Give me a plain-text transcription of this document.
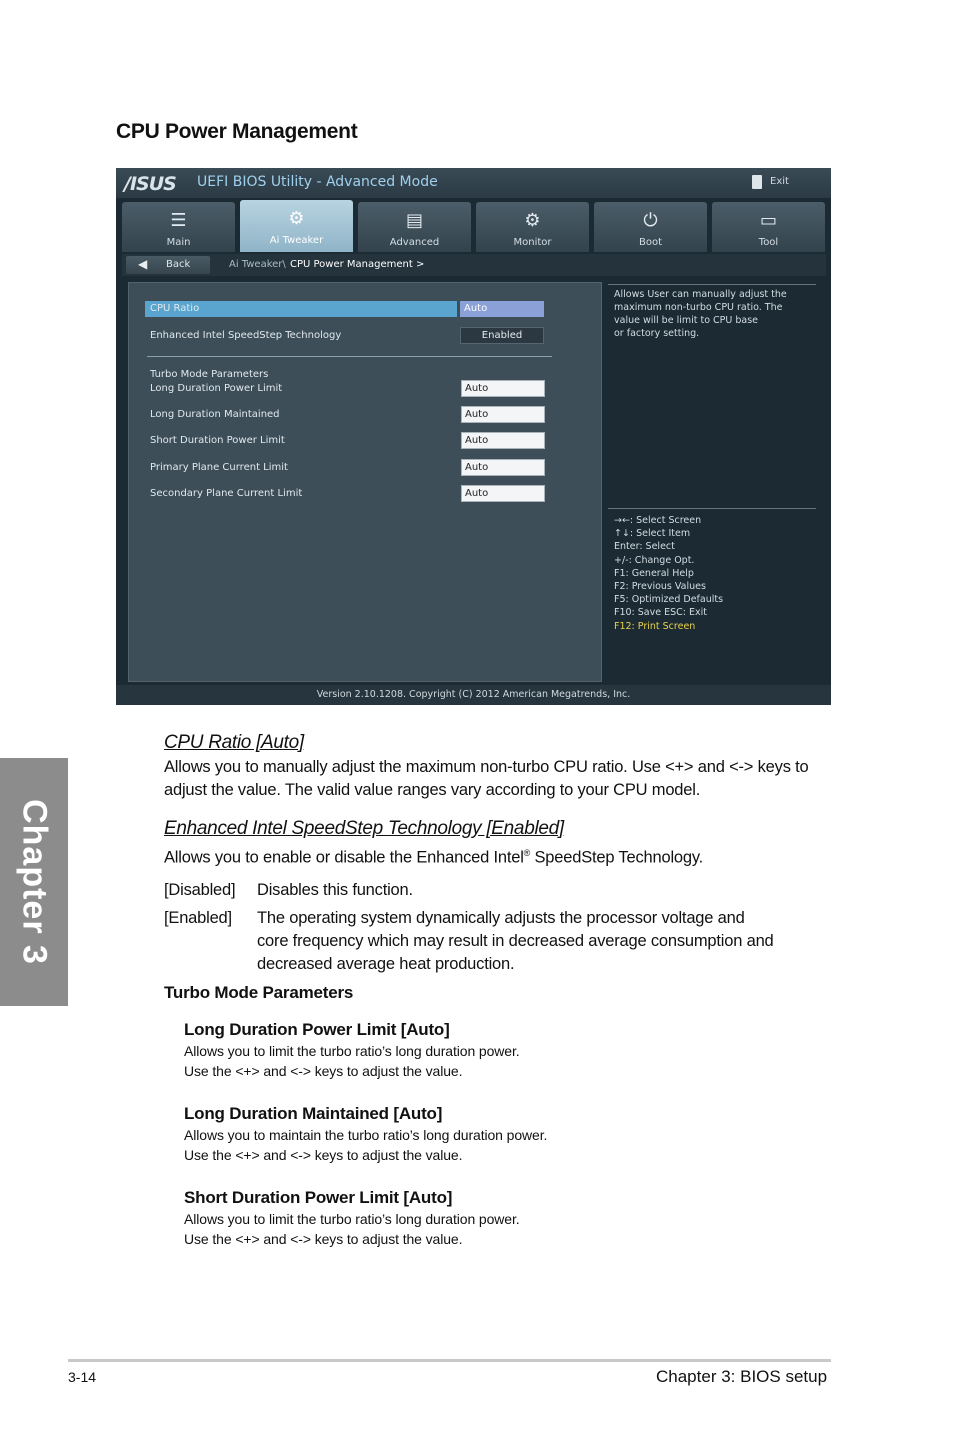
CPU Power Management
Chapter 3
/ISUS UEFI BIOS Utility - Advanced Mode	Exit
☰
Main
⚙
Ai Tweaker
▤
Advanced
⚙
Monitor
⏻
Boot
▭
Tool
◀ Back	Ai Tweaker\ CPU Power Management >
CPU Ratio	Auto
Enhanced Intel SpeedStep Technology	Enabled
Turbo Mode Parameters
Long Duration Power Limit	Auto
Long Duration Maintained	Auto
Short Duration Power Limit	Auto
Primary Plane Current Limit	Auto
Secondary Plane Current Limit	Auto
Allows User can manually adjust the
maximum non-turbo CPU ratio. The
value will be limit to CPU base
or factory setting.
→←: Select Screen
↑↓: Select Item
Enter: Select
+/-: Change Opt.
F1: General Help
F2: Previous Values
F5: Optimized Defaults
F10: Save ESC: Exit
F12: Print Screen
Version 2.10.1208. Copyright (C) 2012 American Megatrends, Inc.
CPU Ratio [Auto]
Allows you to manually adjust the maximum non-turbo CPU ratio. Use <+> and <-> keys to
adjust the value. The valid value ranges vary according to your CPU model.
Enhanced Intel SpeedStep Technology [Enabled]
Allows you to enable or disable the Enhanced Intel® SpeedStep Technology.
[Disabled] Disables this function.
[Enabled] The operating system dynamically adjusts the processor voltage and
core frequency which may result in decreased average consumption and
decreased average heat production.
Turbo Mode Parameters
Long Duration Power Limit [Auto]
Allows you to limit the turbo ratio’s long duration power.
Use the <+> and <-> keys to adjust the value.
Long Duration Maintained [Auto]
Allows you to maintain the turbo ratio’s long duration power.
Use the <+> and <-> keys to adjust the value.
Short Duration Power Limit [Auto]
Allows you to limit the turbo ratio’s long duration power.
Use the <+> and <-> keys to adjust the value.
3-14	Chapter 3: BIOS setup
